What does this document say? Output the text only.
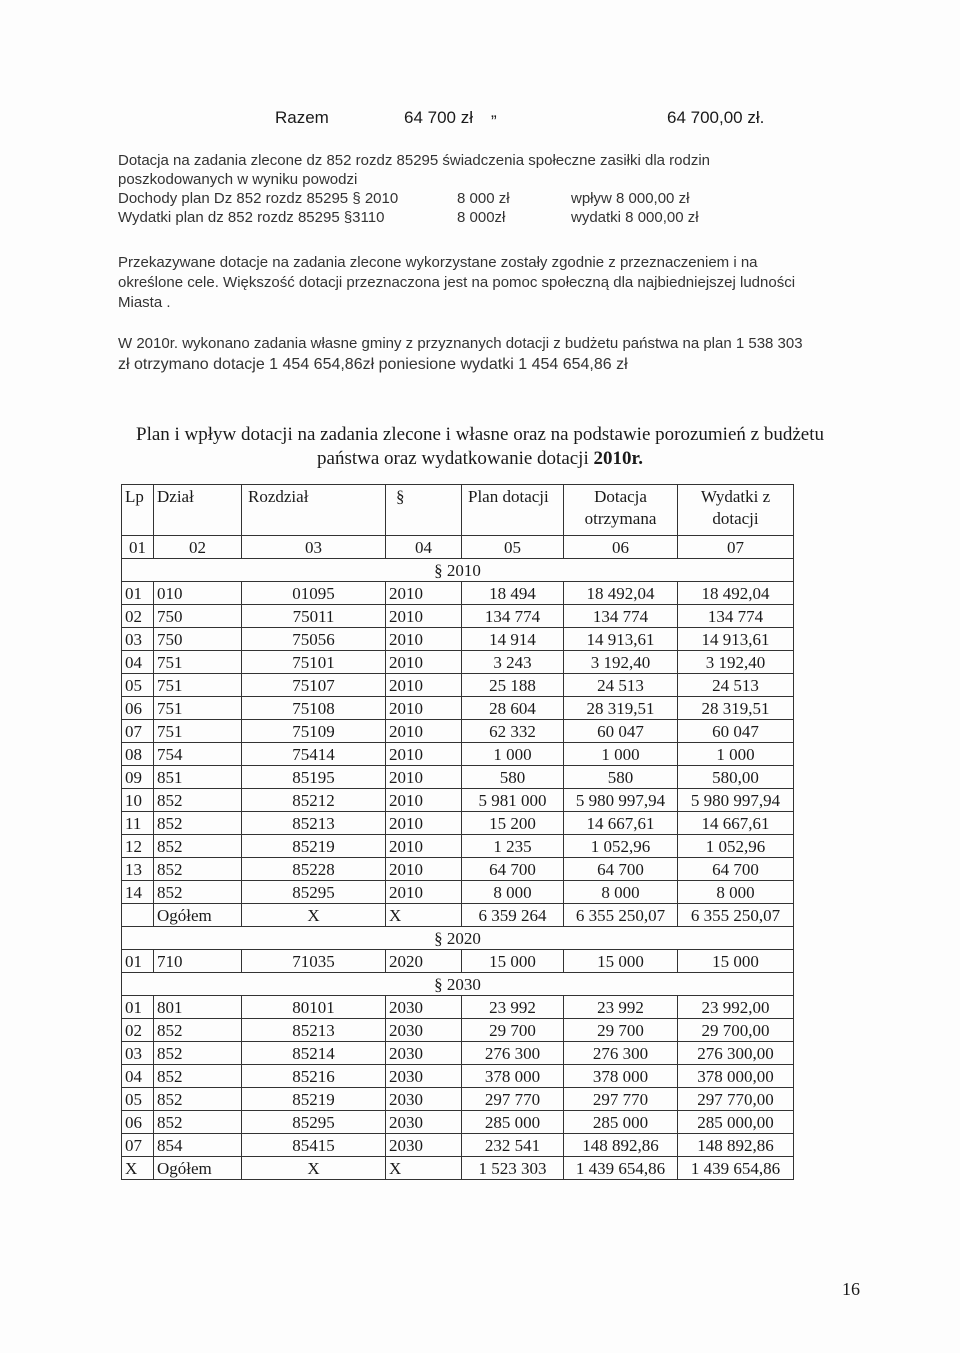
Razem	64 700 zł „	64 700,00 zł.
Dotacja na zadania zlecone dz 852 rozdz 85295 świadczenia społeczne zasiłki dla rodzin
poszkodowanych w wyniku powodzi
Dochody plan Dz 852 rozdz 85295 § 2010	8 000 zł	wpływ 8 000,00 zł
Wydatki plan dz 852 rozdz 85295 §3110	8 000zł	wydatki 8 000,00 zł
Przekazywane dotacje na zadania zlecone wykorzystane zostały zgodnie z przeznaczeniem i na
określone cele. Większość dotacji przeznaczona jest na pomoc społeczną dla najbiedniejszej ludności
Miasta .
W 2010r. wykonano zadania własne gminy z przyznanych dotacji z budżetu państwa na plan 1 538 303
zł otrzymano dotacje 1 454 654,86zł poniesione wydatki 1 454 654,86 zł
Plan i wpływ dotacji na zadania zlecone i własne oraz na podstawie porozumień z budżetu
państwa oraz wydatkowanie dotacji 2010r.
Lp	Dział	Rozdział	§	Plan dotacji	Dotacja otrzymana	Wydatki z dotacji
01	02	03	04	05	06	07
§ 2010						
01	010	01095	2010	18 494	18 492,04	18 492,04
02	750	75011	2010	134 774	134 774	134 774
03	750	75056	2010	14 914	14 913,61	14 913,61
04	751	75101	2010	3 243	3 192,40	3 192,40
05	751	75107	2010	25 188	24 513	24 513
06	751	75108	2010	28 604	28 319,51	28 319,51
07	751	75109	2010	62 332	60 047	60 047
08	754	75414	2010	1 000	1 000	1 000
09	851	85195	2010	580	580	580,00
10	852	85212	2010	5 981 000	5 980 997,94	5 980 997,94
11	852	85213	2010	15 200	14 667,61	14 667,61
12	852	85219	2010	1 235	1 052,96	1 052,96
13	852	85228	2010	64 700	64 700	64 700
14	852	85295	2010	8 000	8 000	8 000
	Ogółem	X	X	6 359 264	6 355 250,07	6 355 250,07
§ 2020						
01	710	71035	2020	15 000	15 000	15 000
§ 2030						
01	801	80101	2030	23 992	23 992	23 992,00
02	852	85213	2030	29 700	29 700	29 700,00
03	852	85214	2030	276 300	276 300	276 300,00
04	852	85216	2030	378 000	378 000	378 000,00
05	852	85219	2030	297 770	297 770	297 770,00
06	852	85295	2030	285 000	285 000	285 000,00
07	854	85415	2030	232 541	148 892,86	148 892,86
X	Ogółem	X	X	1 523 303	1 439 654,86	1 439 654,86
16
